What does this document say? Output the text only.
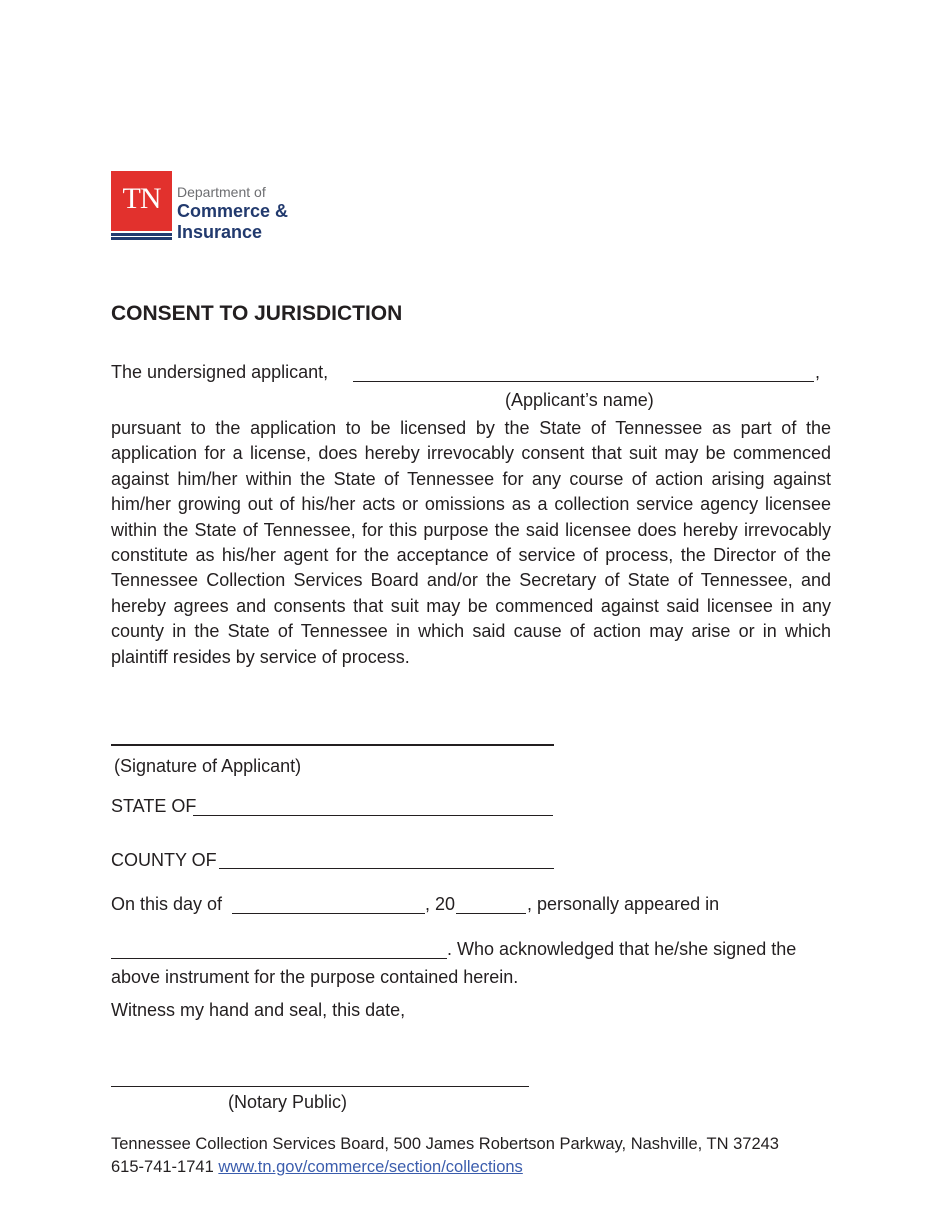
TN	Department of
Commerce &
Insurance
CONSENT TO JURISDICTION
The undersigned applicant,	,
(Applicant’s name)
pursuant to the application to be licensed by the State of Tennessee as part of the application for a license, does hereby irrevocably consent that suit may be commenced against him/her within the State of Tennessee for any course of action arising against him/her growing out of his/her acts or omissions as a collection service agency licensee within the State of Tennessee, for this purpose the said licensee does hereby irrevocably constitute as his/her agent for the acceptance of service of process, the Director of the Tennessee Collection Services Board and/or the Secretary of State of Tennessee, and hereby agrees and consents that suit may be commenced against said licensee in any county in the State of Tennessee in which said cause of action may arise or in which plaintiff resides by service of process.
(Signature of Applicant)
STATE OF
COUNTY OF
On this day of	, 20	, personally appeared in
. Who acknowledged that he/she signed the
above instrument for the purpose contained herein.
Witness my hand and seal, this date,
(Notary Public)
Tennessee Collection Services Board, 500 James Robertson Parkway, Nashville, TN 37243
615-741-1741 www.tn.gov/commerce/section/collections
